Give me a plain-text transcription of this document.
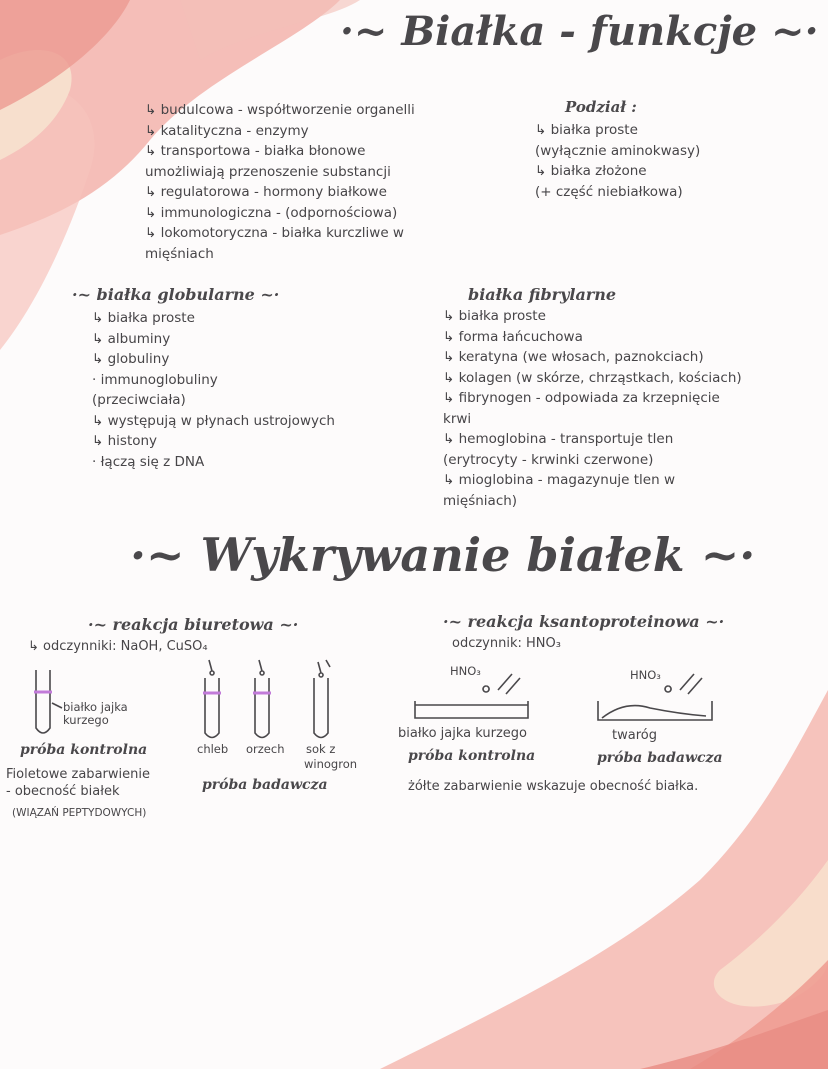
·~ Białka - funkcje ~·
↳ budulcowa - współtworzenie organelli
↳ katalityczna - enzymy
↳ transportowa - białka błonowe
umożliwiają przenoszenie substancji
↳ regulatorowa - hormony białkowe
↳ immunologiczna - (odpornościowa)
↳ lokomotoryczna - białka kurczliwe w
mięśniach
Podział :
↳ białka proste
(wyłącznie aminokwasy)
↳ białka złożone
(+ część niebiałkowa)
·~ białka globularne ~·
↳ białka proste
↳ albuminy
↳ globuliny
· immunoglobuliny
(przeciwciała)
↳ występują w płynach ustrojowych
↳ histony
· łączą się z DNA
białka fibrylarne
↳ białka proste
↳ forma łańcuchowa
↳ keratyna (we włosach, paznokciach)
↳ kolagen (w skórze, chrząstkach, kościach)
↳ fibrynogen - odpowiada za krzepnięcie
krwi
↳ hemoglobina - transportuje tlen
(erytrocyty - krwinki czerwone)
↳ mioglobina - magazynuje tlen w
mięśniach)
·~ Wykrywanie białek ~·
·~ reakcja biuretowa ~·
↳ odczynniki: NaOH, CuSO₄
białko jajka
kurzego
próba kontrolna	chleb orzech sok z
winogron
próba badawcza
Fioletowe zabarwienie
- obecność białek
(WIĄZAŃ PEPTYDOWYCH)
·~ reakcja ksantoproteinowa ~·
odczynnik: HNO₃
HNO₃	HNO₃
białko jajka kurzego	twaróg
próba kontrolna	próba badawcza
żółte zabarwienie wskazuje obecność białka.
